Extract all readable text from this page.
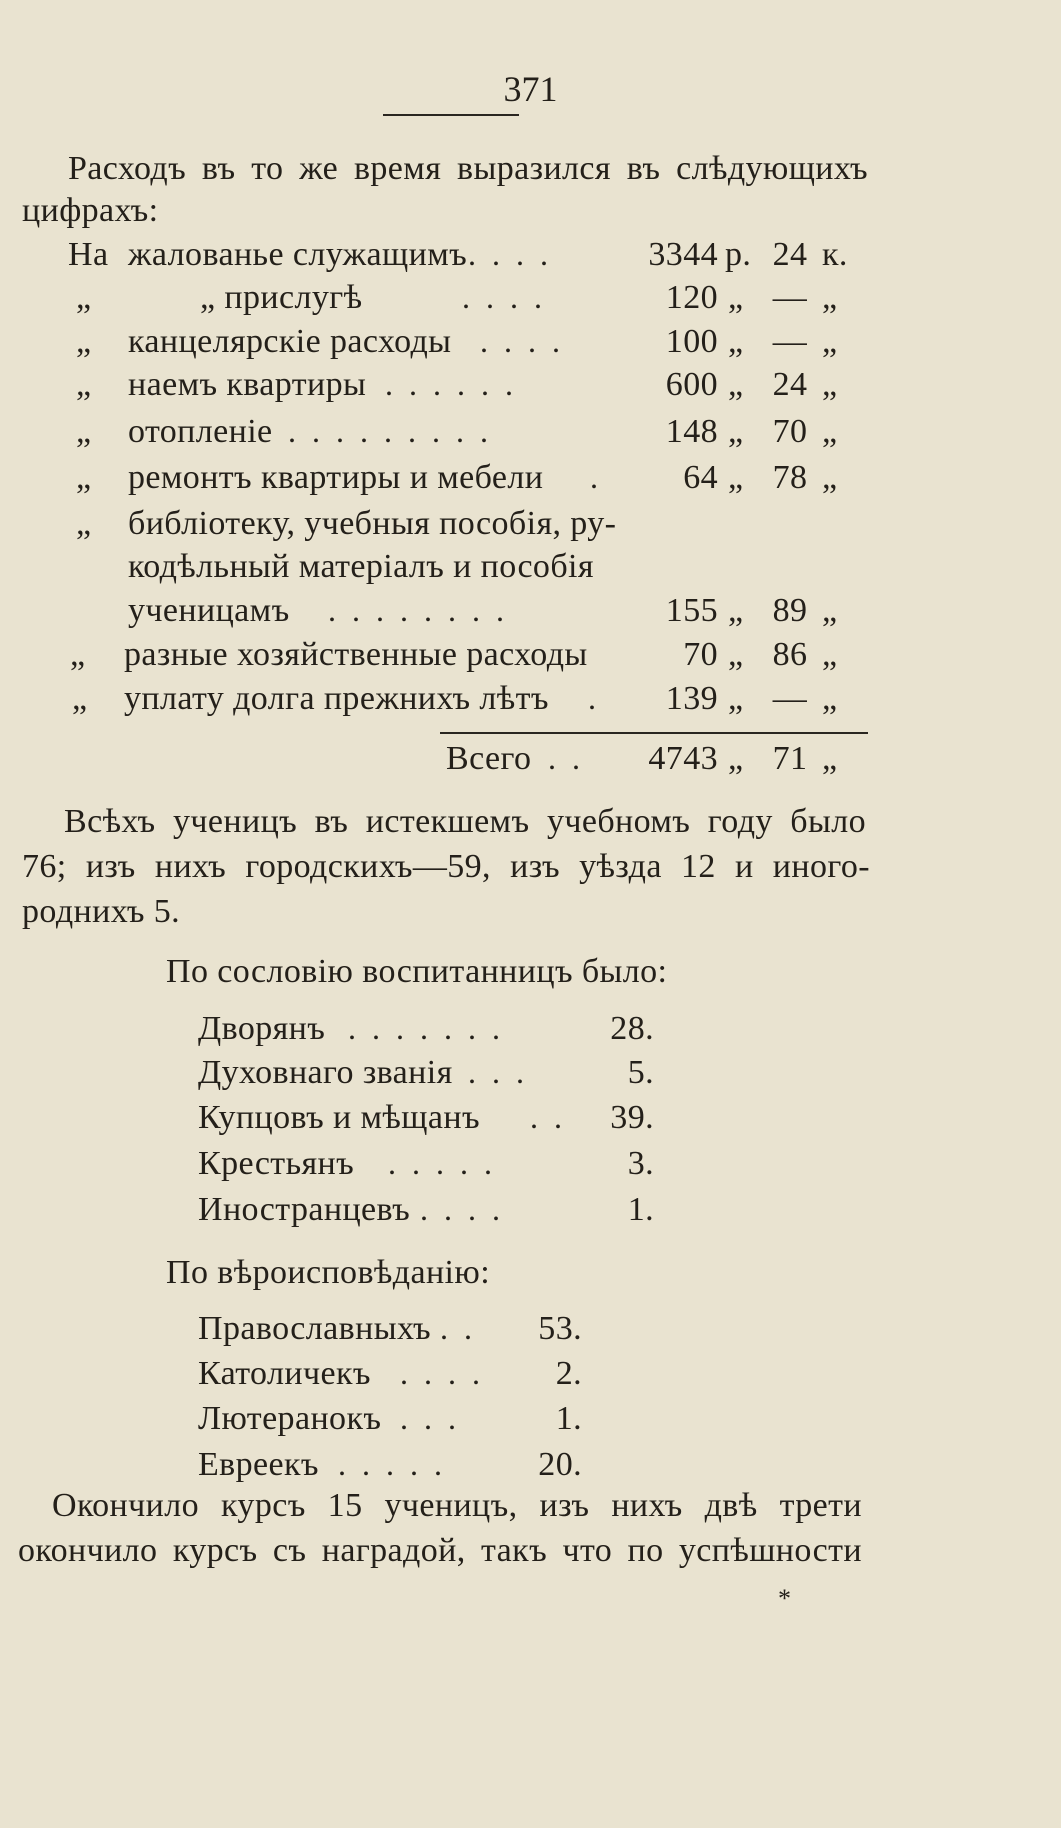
371
Расходъ въ то же время выразился въ слѣдующихъ
цифрахъ:
На жалованье служащимъ . . . .	3344 р. 24 к.
„	„ прислугѣ	. . . .	120 „ — „
„ канцелярскіе расходы . . . .	100 „ — „
„ наемъ квартиры . . . . . .	600 „ 24 „
„ отопленіе . . . . . . . . .	148 „ 70 „
„ ремонтъ квартиры и мебели .	64 „ 78 „
„ библіотеку, учебныя пособія, ру-
кодѣльный матеріалъ и пособія
ученицамъ . . . . . . . .	155 „ 89 „
„ разные хозяйственные расходы	70 „ 86 „
„ уплату долга прежнихъ лѣтъ .	139 „ — „
Всего . .	4743 „ 71 „
Всѣхъ ученицъ въ истекшемъ учебномъ году было
76; изъ нихъ городскихъ—59, изъ уѣзда 12 и иного-
роднихъ 5.
По сословію воспитанницъ было:
Дворянъ . . . . . . .	28.
Духовнаго званія . . .	5.
Купцовъ и мѣщанъ . .	39.
Крестьянъ . . . . .	3.
Иностранцевъ . . . .	1.
По вѣроисповѣданію:
Православныхъ . .	53.
Католичекъ . . . .	2.
Лютеранокъ . . .	1.
Евреекъ . . . . .	20.
Окончило курсъ 15 ученицъ, изъ нихъ двѣ трети
окончило курсъ съ наградой, такъ что по успѣшности
*
